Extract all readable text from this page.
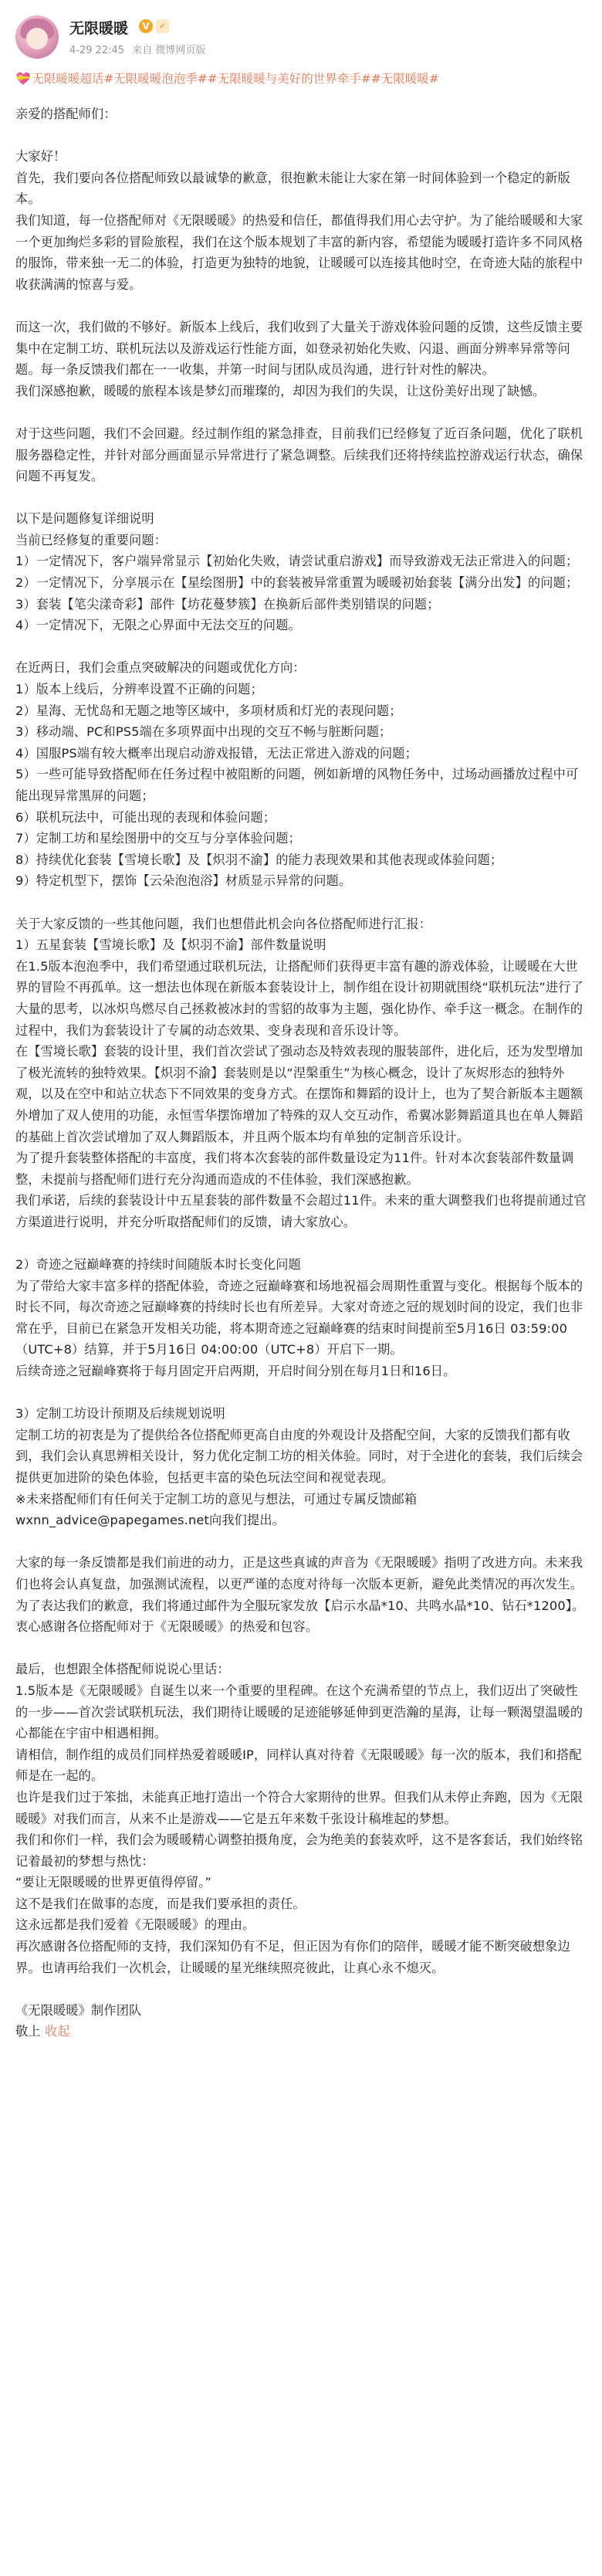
无限暖暖	V	✓
4-29 22:45 来自 微博网页版
💝 无限暖暖超话#无限暖暖泡泡季##无限暖暖与美好的世界牵手##无限暖暖#

亲爱的搭配师们：

大家好！

首先，我们要向各位搭配师致以最诚挚的歉意，很抱歉未能让大家在第一时间体验到一个稳定的新版本。

我们知道，每一位搭配师对《无限暖暖》的热爱和信任，都值得我们用心去守护。为了能给暖暖和大家一个更加绚烂多彩的冒险旅程，我们在这个版本规划了丰富的新内容，希望能为暖暖打造许多不同风格的服饰，带来独一无二的体验，打造更为独特的地貌，让暖暖可以连接其他时空，在奇迹大陆的旅程中收获满满的惊喜与爱。

而这一次，我们做的不够好。新版本上线后，我们收到了大量关于游戏体验问题的反馈，这些反馈主要集中在定制工坊、联机玩法以及游戏运行性能方面，如登录初始化失败、闪退、画面分辨率异常等问题。每一条反馈我们都在一一收集，并第一时间与团队成员沟通，进行针对性的解决。

我们深感抱歉，暖暖的旅程本该是梦幻而璀璨的，却因为我们的失误，让这份美好出现了缺憾。

对于这些问题，我们不会回避。经过制作组的紧急排查，目前我们已经修复了近百条问题，优化了联机服务器稳定性，并针对部分画面显示异常进行了紧急调整。后续我们还将持续监控游戏运行状态，确保问题不再复发。

以下是问题修复详细说明

当前已经修复的重要问题：

1）一定情况下，客户端异常显示【初始化失败，请尝试重启游戏】而导致游戏无法正常进入的问题；

2）一定情况下，分享展示在【星绘图册】中的套装被异常重置为暖暖初始套装【满分出发】的问题；

3）套装【笔尖漾奇彩】部件【坊花蔓梦簇】在换新后部件类别错误的问题；

4）一定情况下，无限之心界面中无法交互的问题。

在近两日，我们会重点突破解决的问题或优化方向：

1）版本上线后，分辨率设置不正确的问题；

2）星海、无忧岛和无题之地等区域中，多项材质和灯光的表现问题；

3）移动端、PC和PS5端在多项界面中出现的交互不畅与脏断问题；

4）国服PS端有较大概率出现启动游戏报错，无法正常进入游戏的问题；

5）一些可能导致搭配师在任务过程中被阻断的问题，例如新增的风物任务中，过场动画播放过程中可能出现异常黑屏的问题；

6）联机玩法中，可能出现的表现和体验问题；

7）定制工坊和星绘图册中的交互与分享体验问题；

8）持续优化套装【雪境长歌】及【炽羽不渝】的能力表现效果和其他表现或体验问题；

9）特定机型下，摆饰【云朵泡泡浴】材质显示异常的问题。

关于大家反馈的一些其他问题，我们也想借此机会向各位搭配师进行汇报：

1）五星套装【雪境长歌】及【炽羽不渝】部件数量说明

在1.5版本泡泡季中，我们希望通过联机玩法，让搭配师们获得更丰富有趣的游戏体验，让暖暖在大世界的冒险不再孤单。这一想法也体现在新版本套装设计上，制作组在设计初期就围绕“联机玩法”进行了大量的思考，以冰炽鸟燃尽自己拯救被冰封的雪貂的故事为主题，强化协作、牵手这一概念。在制作的过程中，我们为套装设计了专属的动态效果、变身表现和音乐设计等。

在【雪境长歌】套装的设计里，我们首次尝试了强动态及特效表现的服装部件，进化后，还为发型增加了极光流转的独特效果。【炽羽不渝】套装则是以“涅槃重生”为核心概念，设计了灰烬形态的独特外观，以及在空中和站立状态下不同效果的变身方式。在摆饰和舞蹈的设计上，也为了契合新版本主题额外增加了双人使用的功能，永恒雪华摆饰增加了特殊的双人交互动作，希翼冰影舞蹈道具也在单人舞蹈的基础上首次尝试增加了双人舞蹈版本，并且两个版本均有单独的定制音乐设计。

为了提升套装整体搭配的丰富度，我们将本次套装的部件数量设定为11件。针对本次套装部件数量调整，未提前与搭配师们进行充分沟通而造成的不佳体验，我们深感抱歉。

我们承诺，后续的套装设计中五星套装的部件数量不会超过11件。未来的重大调整我们也将提前通过官方渠道进行说明，并充分听取搭配师们的反馈，请大家放心。

2）奇迹之冠巅峰赛的持续时间随版本时长变化问题

为了带给大家丰富多样的搭配体验，奇迹之冠巅峰赛和场地祝福会周期性重置与变化。根据每个版本的时长不同，每次奇迹之冠巅峰赛的持续时长也有所差异。大家对奇迹之冠的规划时间的设定，我们也非常在乎，目前已在紧急开发相关功能，将本期奇迹之冠巅峰赛的结束时间提前至5月16日 03:59:00（UTC+8）结算，并于5月16日 04:00:00（UTC+8）开启下一期。

后续奇迹之冠巅峰赛将于每月固定开启两期，开启时间分别在每月1日和16日。

3）定制工坊设计预期及后续规划说明

定制工坊的初衷是为了提供给各位搭配师更高自由度的外观设计及搭配空间，大家的反馈我们都有收到，我们会认真思辨相关设计，努力优化定制工坊的相关体验。同时，对于全进化的套装，我们后续会提供更加进阶的染色体验，包括更丰富的染色玩法空间和视觉表现。

※未来搭配师们有任何关于定制工坊的意见与想法，可通过专属反馈邮箱wxnn_advice@papegames.net向我们提出。

大家的每一条反馈都是我们前进的动力，正是这些真诚的声音为《无限暖暖》指明了改进方向。未来我们也将会认真复盘，加强测试流程，以更严谨的态度对待每一次版本更新，避免此类情况的再次发生。

为了表达我们的歉意，我们将通过邮件为全服玩家发放【启示水晶*10、共鸣水晶*10、钻石*1200】。衷心感谢各位搭配师对于《无限暖暖》的热爱和包容。

最后，也想跟全体搭配师说说心里话：

1.5版本是《无限暖暖》自诞生以来一个重要的里程碑。在这个充满希望的节点上，我们迈出了突破性的一步——首次尝试联机玩法，我们期待让暖暖的足迹能够延伸到更浩瀚的星海，让每一颗渴望温暖的心都能在宇宙中相遇相拥。

请相信，制作组的成员们同样热爱着暖暖IP，同样认真对待着《无限暖暖》每一次的版本，我们和搭配师是在一起的。

也许是我们过于笨拙，未能真正地打造出一个符合大家期待的世界。但我们从未停止奔跑，因为《无限暖暖》对我们而言，从来不止是游戏——它是五年来数千张设计稿堆起的梦想。

我们和你们一样，我们会为暖暖精心调整拍摄角度，会为绝美的套装欢呼，这不是客套话，我们始终铭记着最初的梦想与热忱：

“要让无限暖暖的世界更值得停留。”

这不是我们在做事的态度，而是我们要承担的责任。

这永远都是我们爱着《无限暖暖》的理由。

再次感谢各位搭配师的支持，我们深知仍有不足，但正因为有你们的陪伴，暖暖才能不断突破想象边界。也请再给我们一次机会，让暖暖的星光继续照亮彼此，让真心永不熄灭。

《无限暖暖》制作团队

敬上 收起
